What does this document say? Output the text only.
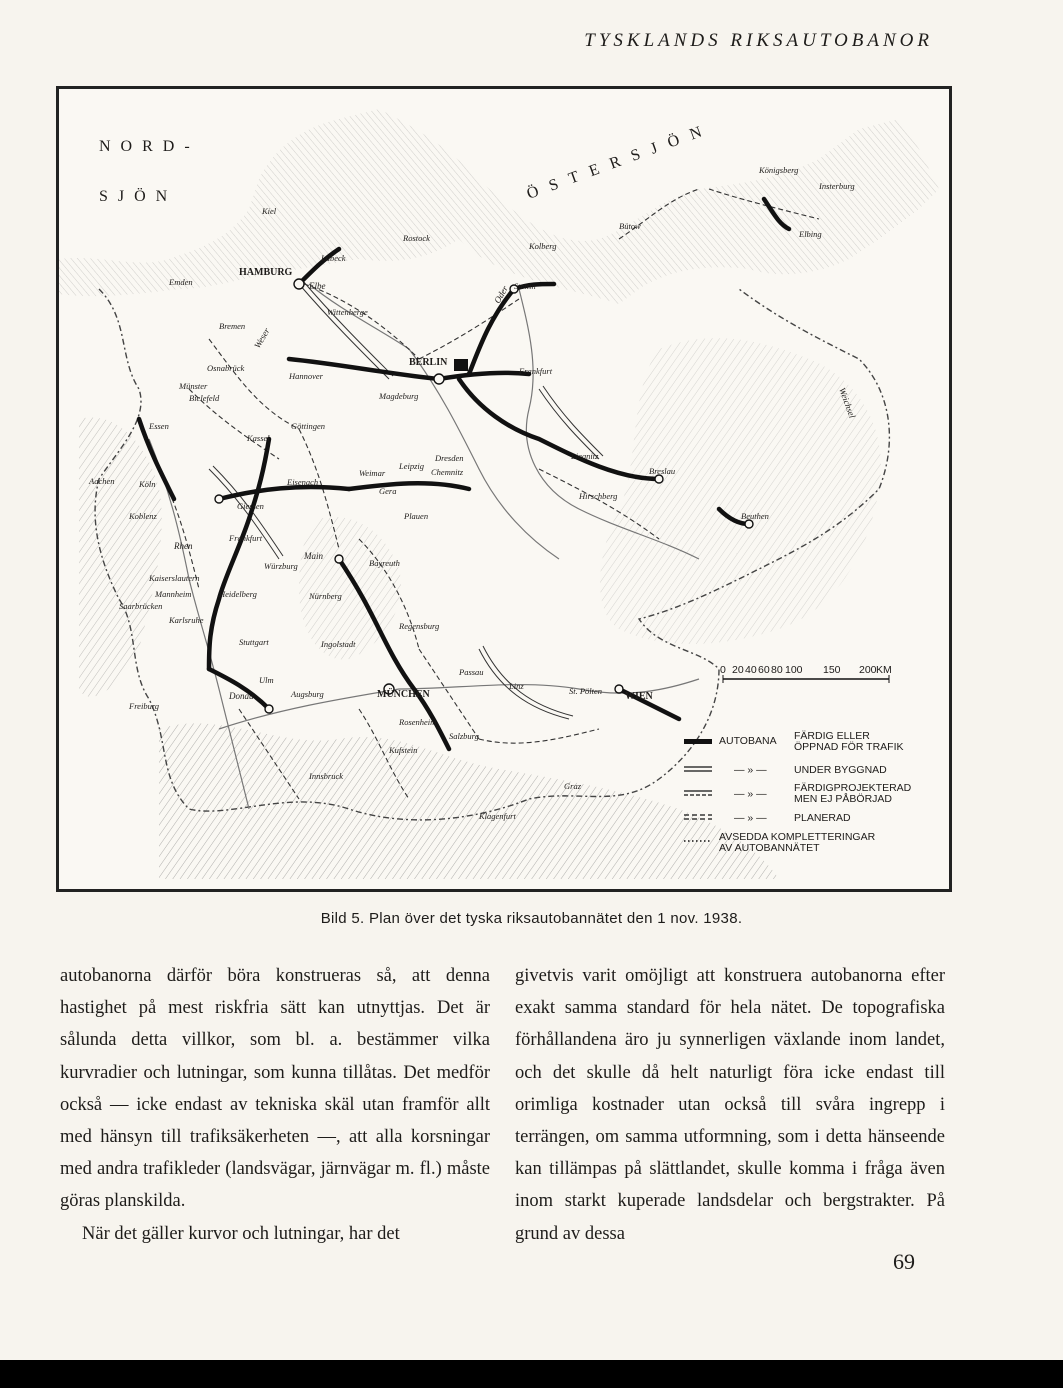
TYSKLANDS RIKSAUTOBANOR
NORD-
SJÖN	ÖSTERSJÖN
HAMBURG
BERLIN
MÜNCHEN	WIEN
Rostock
Lübeck
Kiel
Stettin
Bremen
Hannover
Magdeburg
Wittenberge
Frankfurt
Breslau
Beuthen
Liegnitz
Leipzig
Dresden
Chemnitz
Weimar
Gera
Plauen
Kassel
Göttingen
Eisenach
Giessen
Frankfurt
Köln
Koblenz
Essen
Münster
Bielefeld
Osnabrück
Emden
Saarbrücken
Kaiserslautern
Mannheim	Heidelberg
Karlsruhe
Stuttgart
Ulm
Augsburg
Nürnberg
Würzburg	Bayreuth
Regensburg
Ingolstadt
Passau
Linz	St. Pölten
Salzburg
Rosenheim
Kufstein
Innsbruck
Graz
Klagenfurt
Königsberg
Elbing
Insterburg
Kolberg
Bütow
Hirschberg
Freiburg
Aachen
Elbe	Oder
Weichsel
Rhen
Donau
Main
Weser
0 20 40 60 80 100 150 200 KM
AUTOBANA FÄRDIG ELLER
ÖPPNAD FÖR TRAFIK
— » —	UNDER BYGGNAD
— » —	FÄRDIGPROJEKTERAD
MEN EJ PÅBÖRJAD
— » —	PLANERAD
AVSEDDA KOMPLETTERINGAR
AV AUTOBANNÄTET
Bild 5. Plan över det tyska riksautobannätet den 1 nov. 1938.

autobanorna därför böra konstrueras så, att denna hastighet på mest riskfria sätt kan utnyttjas. Det är sålunda detta villkor, som bl. a. bestämmer vilka kurvradier och lutningar, som kunna tillåtas. Det medför också — icke endast av tekniska skäl utan framför allt med hänsyn till trafiksäkerheten —, att alla korsningar med andra trafikleder (landsvägar, järnvägar m. fl.) måste göras planskilda.

När det gäller kurvor och lutningar, har det

givetvis varit omöjligt att konstruera autobanorna efter exakt samma standard för hela nätet. De topografiska förhållandena äro ju synnerligen växlande inom landet, och det skulle då helt naturligt föra icke endast till orimliga kostnader utan också till svåra ingrepp i terrängen, om samma utformning, som i detta hänseende kan tillämpas på slättlandet, skulle komma i fråga även inom starkt kuperade landsdelar och bergstrakter. På grund av dessa

69
